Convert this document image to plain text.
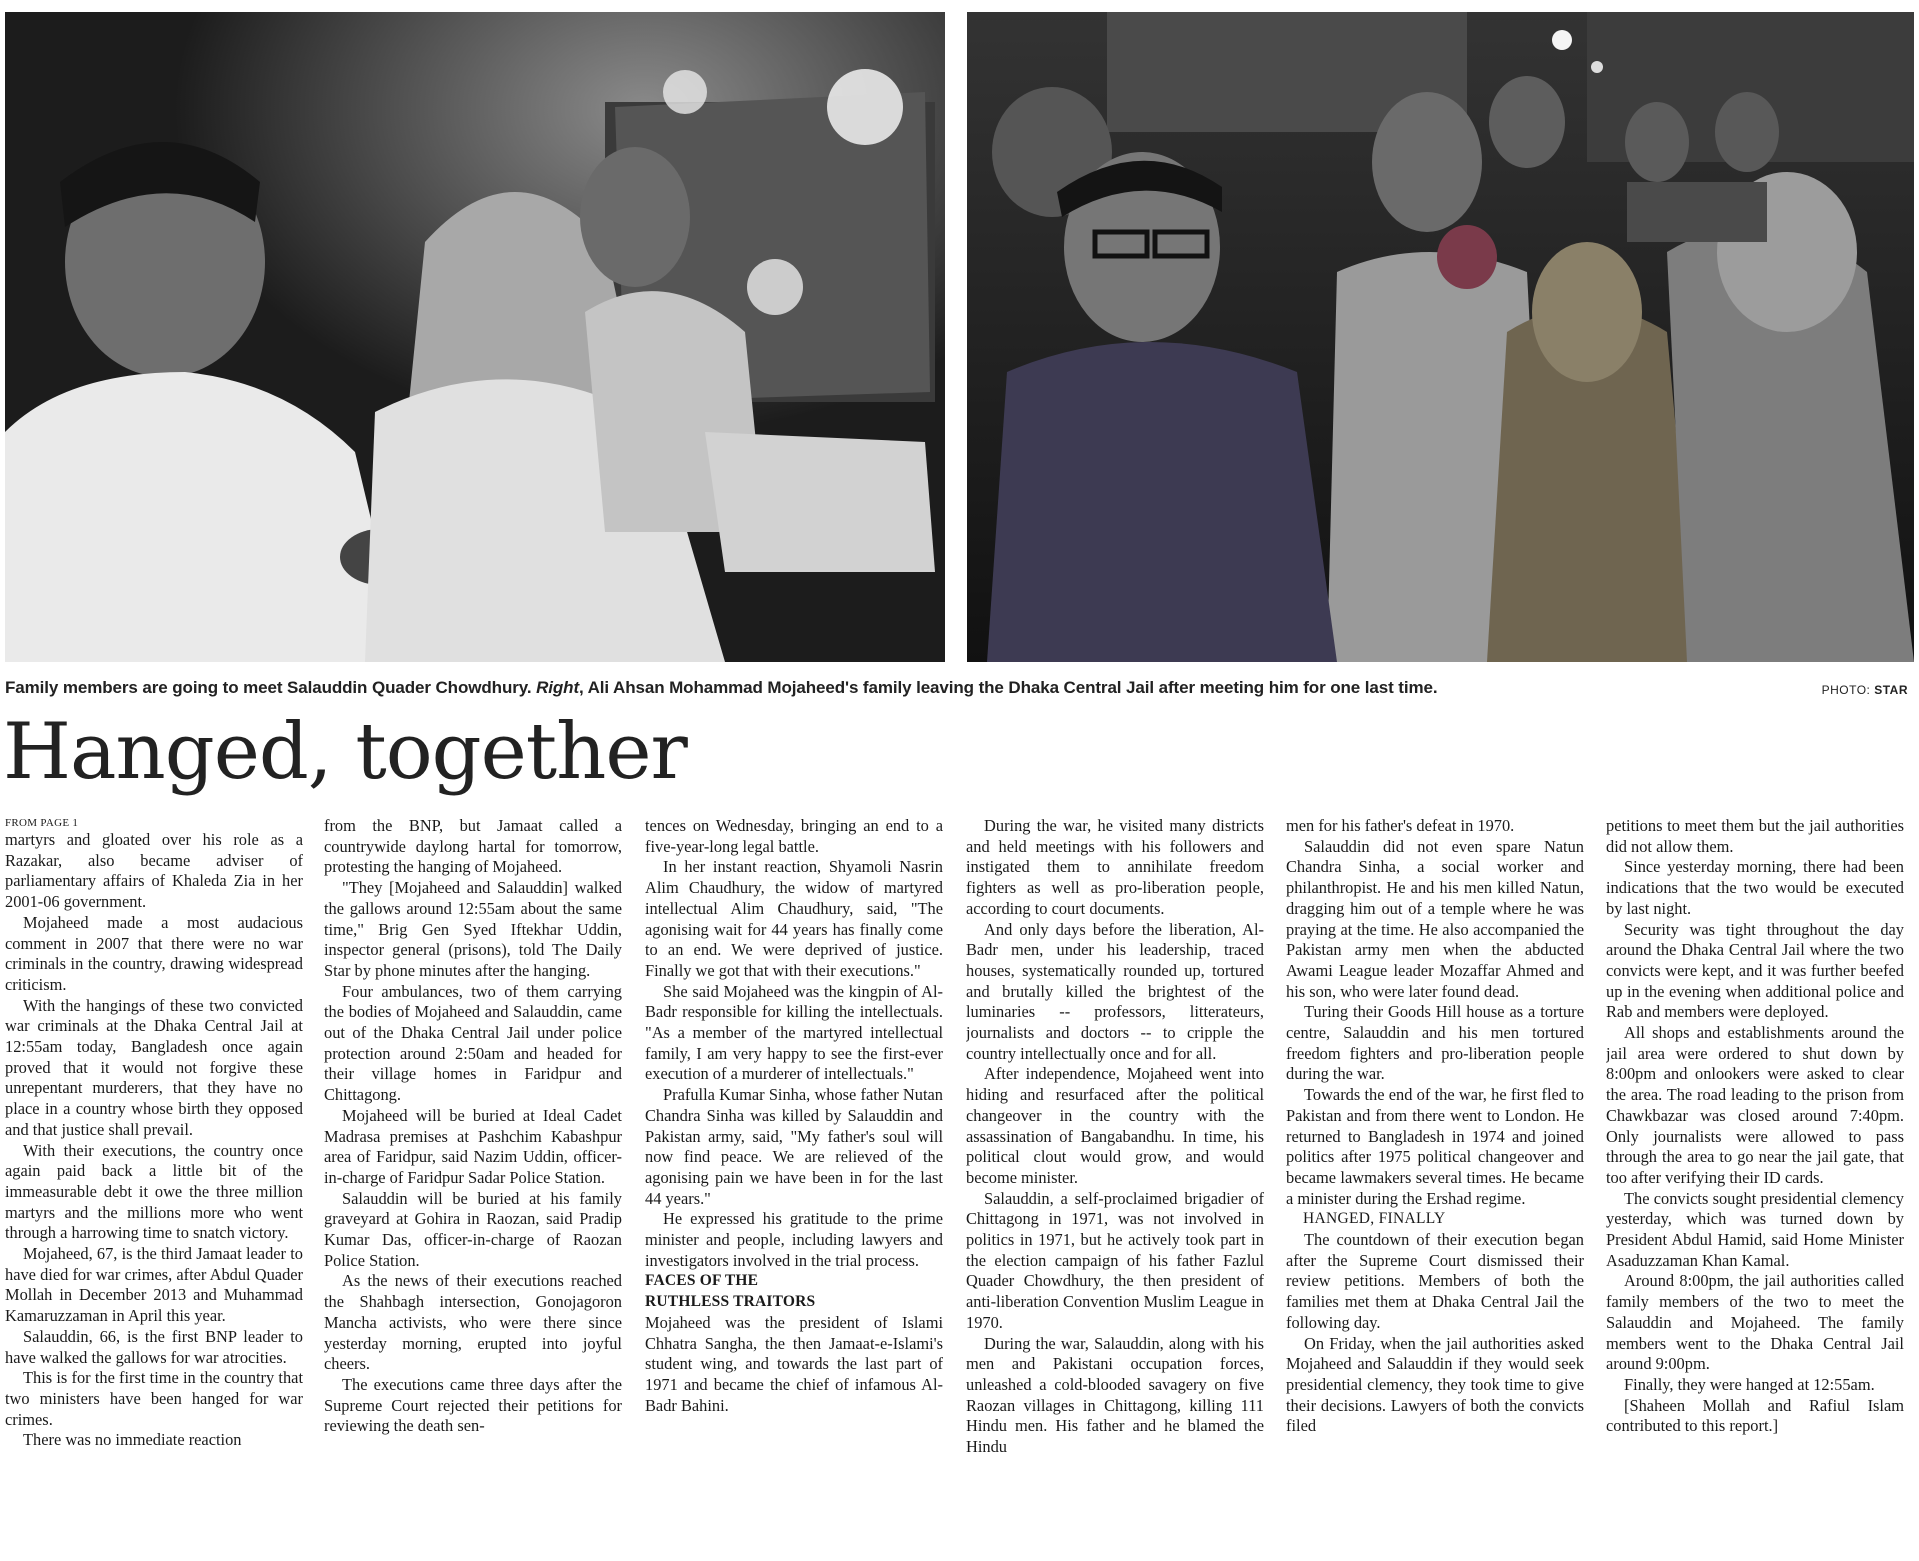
Family members are going to meet Salauddin Quader Chowdhury. Right, Ali Ahsan Mohammad Mojaheed's family leaving the Dhaka Central Jail after meeting him for one last time.	PHOTO: STAR
Hanged, together
FROM PAGE 1

martyrs and gloated over his role as a Razakar, also became adviser of parliamentary affairs of Khaleda Zia in her 2001-06 government.

Mojaheed made a most audacious comment in 2007 that there were no war criminals in the country, drawing widespread criticism.

With the hangings of these two convicted war criminals at the Dhaka Central Jail at 12:55am today, Bangladesh once again proved that it would not forgive these unrepentant murderers, that they have no place in a country whose birth they opposed and that justice shall prevail.

With their executions, the country once again paid back a little bit of the immeasurable debt it owe the three million martyrs and the millions more who went through a harrowing time to snatch victory.

Mojaheed, 67, is the third Jamaat leader to have died for war crimes, after Abdul Quader Mollah in December 2013 and Muhammad Kamaruzzaman in April this year.

Salauddin, 66, is the first BNP leader to have walked the gallows for war atrocities.

This is for the first time in the country that two ministers have been hanged for war crimes.

There was no immediate reaction

from the BNP, but Jamaat called a countrywide daylong hartal for tomorrow, protesting the hanging of Mojaheed.

"They [Mojaheed and Salauddin] walked the gallows around 12:55am about the same time," Brig Gen Syed Iftekhar Uddin, inspector general (prisons), told The Daily Star by phone minutes after the hanging.

Four ambulances, two of them carrying the bodies of Mojaheed and Salauddin, came out of the Dhaka Central Jail under police protection around 2:50am and headed for their village homes in Faridpur and Chittagong.

Mojaheed will be buried at Ideal Cadet Madrasa premises at Pashchim Kabashpur area of Faridpur, said Nazim Uddin, officer-in-charge of Faridpur Sadar Police Station.

Salauddin will be buried at his family graveyard at Gohira in Raozan, said Pradip Kumar Das, officer-in-charge of Raozan Police Station.

As the news of their executions reached the Shahbagh intersection, Gonojagoron Mancha activists, who were there since yesterday morning, erupted into joyful cheers.

The executions came three days after the Supreme Court rejected their petitions for reviewing the death sen-

tences on Wednesday, bringing an end to a five-year-long legal battle.

In her instant reaction, Shyamoli Nasrin Alim Chaudhury, the widow of martyred intellectual Alim Chaudhury, said, "The agonising wait for 44 years has finally come to an end. We were deprived of justice. Finally we got that with their executions."

She said Mojaheed was the kingpin of Al-Badr responsible for killing the intellectuals. "As a member of the martyred intellectual family, I am very happy to see the first-ever execution of a murderer of intellectuals."

Prafulla Kumar Sinha, whose father Nutan Chandra Sinha was killed by Salauddin and Pakistan army, said, "My father's soul will now find peace. We are relieved of the agonising pain we have been in for the last 44 years."

He expressed his gratitude to the prime minister and people, including lawyers and investigators involved in the trial process.

FACES OF THE

RUTHLESS TRAITORS

Mojaheed was the president of Islami Chhatra Sangha, the then Jamaat-e-Islami's student wing, and towards the last part of 1971 and became the chief of infamous Al-Badr Bahini.

During the war, he visited many districts and held meetings with his followers and instigated them to annihilate freedom fighters as well as pro-liberation people, according to court documents.

And only days before the liberation, Al-Badr men, under his leadership, traced houses, systematically rounded up, tortured and brutally killed the brightest of the luminaries -- professors, litterateurs, journalists and doctors -- to cripple the country intellectually once and for all.

After independence, Mojaheed went into hiding and resurfaced after the political changeover in the country with the assassination of Bangabandhu. In time, his political clout would grow, and would become minister.

Salauddin, a self-proclaimed brigadier of Chittagong in 1971, was not involved in politics in 1971, but he actively took part in the election campaign of his father Fazlul Quader Chowdhury, the then president of anti-liberation Convention Muslim League in 1970.

During the war, Salauddin, along with his men and Pakistani occupation forces, unleashed a cold-blooded savagery on five Raozan villages in Chittagong, killing 111 Hindu men. His father and he blamed the Hindu

men for his father's defeat in 1970.

Salauddin did not even spare Natun Chandra Sinha, a social worker and philanthropist. He and his men killed Natun, dragging him out of a temple where he was praying at the time. He also accompanied the Pakistan army men when the abducted Awami League leader Mozaffar Ahmed and his son, who were later found dead.

Turing their Goods Hill house as a torture centre, Salauddin and his men tortured freedom fighters and pro-liberation people during the war.

Towards the end of the war, he first fled to Pakistan and from there went to London. He returned to Bangladesh in 1974 and joined politics after 1975 political changeover and became lawmakers several times. He became a minister during the Ershad regime.

HANGED, FINALLY

The countdown of their execution began after the Supreme Court dismissed their review petitions. Members of both the families met them at Dhaka Central Jail the following day.

On Friday, when the jail authorities asked Mojaheed and Salauddin if they would seek presidential clemency, they took time to give their decisions. Lawyers of both the convicts filed

petitions to meet them but the jail authorities did not allow them.

Since yesterday morning, there had been indications that the two would be executed by last night.

Security was tight throughout the day around the Dhaka Central Jail where the two convicts were kept, and it was further beefed up in the evening when additional police and Rab and members were deployed.

All shops and establishments around the jail area were ordered to shut down by 8:00pm and onlookers were asked to clear the area. The road leading to the prison from Chawkbazar was closed around 7:40pm. Only journalists were allowed to pass through the area to go near the jail gate, that too after verifying their ID cards.

The convicts sought presidential clemency yesterday, which was turned down by President Abdul Hamid, said Home Minister Asaduzzaman Khan Kamal.

Around 8:00pm, the jail authorities called family members of the two to meet the Salauddin and Mojaheed. The family members went to the Dhaka Central Jail around 9:00pm.

Finally, they were hanged at 12:55am.

[Shaheen Mollah and Rafiul Islam contributed to this report.]
